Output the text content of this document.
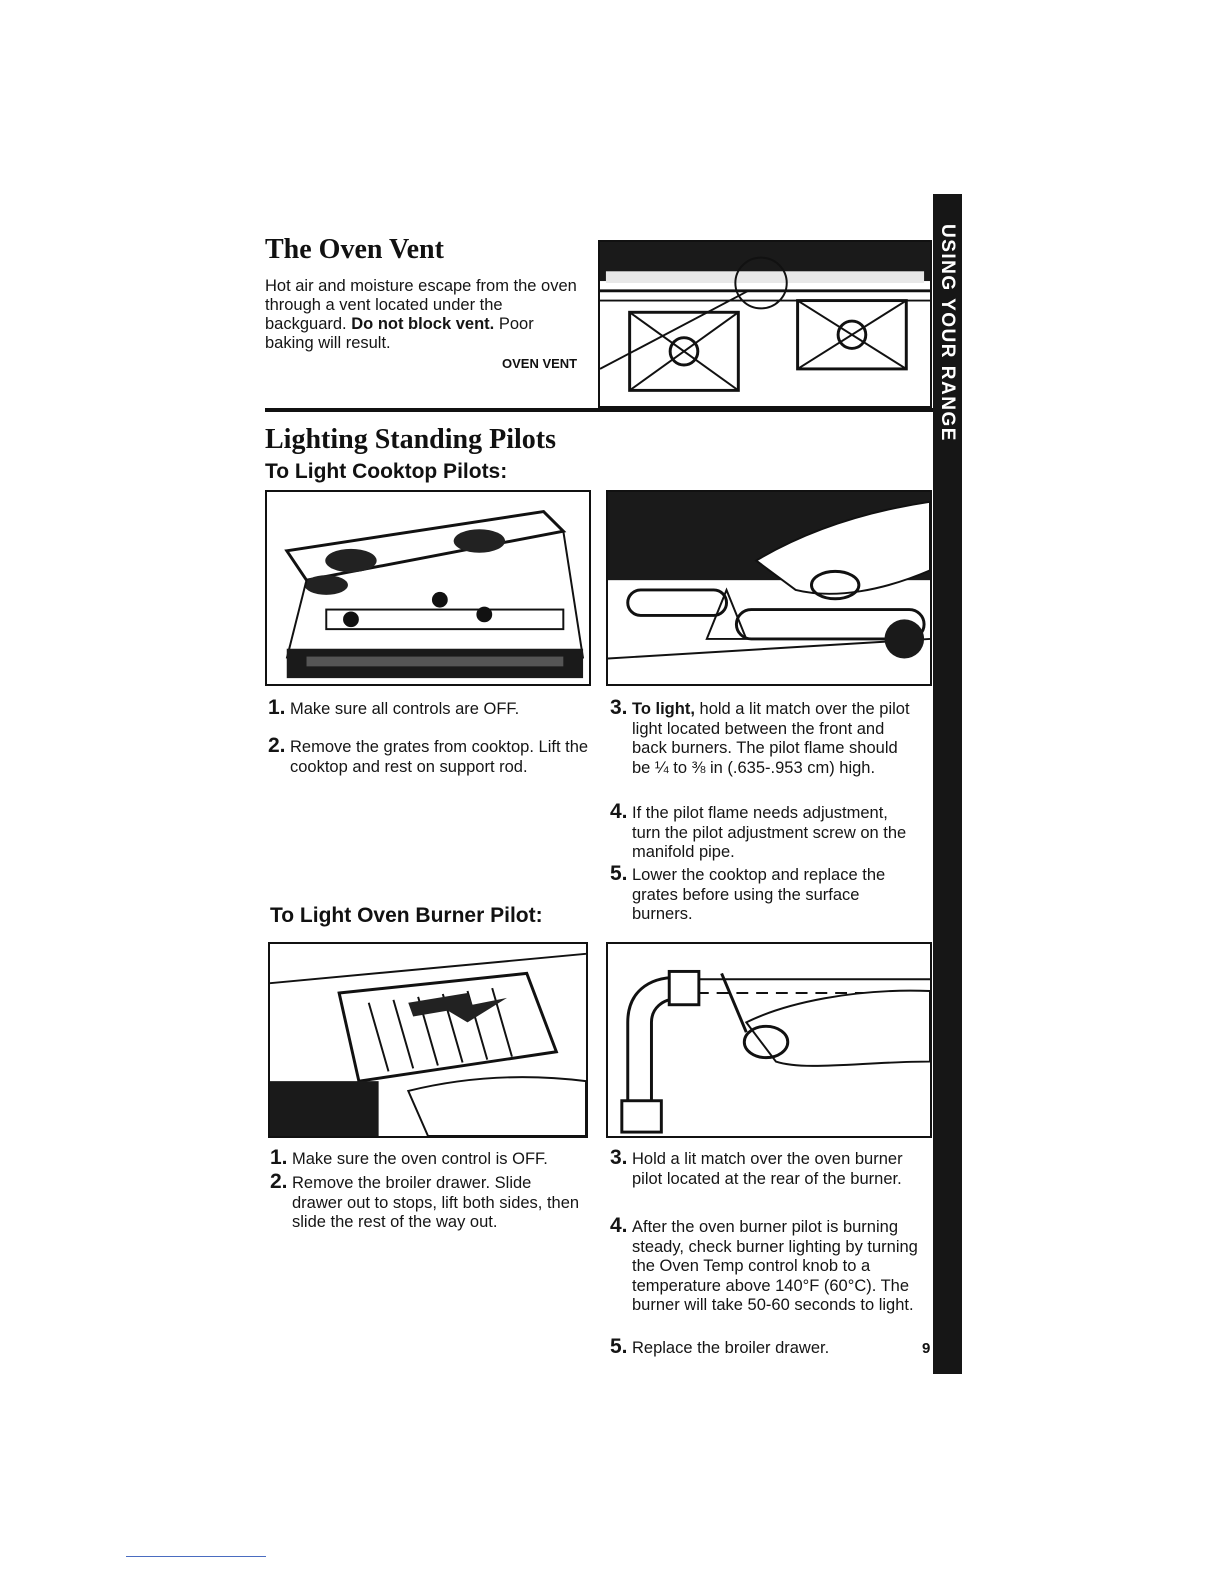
USING YOUR RANGE
The Oven Vent
Hot air and moisture escape from the oven through a vent located under the backguard. Do not block vent. Poor baking will result.
OVEN VENT
Lighting Standing Pilots
To Light Cooktop Pilots:
1. Make sure all controls are OFF.
2. Remove the grates from cooktop. Lift the cooktop and rest on support rod.
3. To light, hold a lit match over the pilot light located between the front and back burners. The pilot flame should be ¼ to ⅜ in (.635-.953 cm) high.
4. If the pilot flame needs adjustment, turn the pilot adjustment screw on the manifold pipe.
5. Lower the cooktop and replace the grates before using the surface burners.
To Light Oven Burner Pilot:
1. Make sure the oven control is OFF.
2. Remove the broiler drawer. Slide drawer out to stops, lift both sides, then slide the rest of the way out.
3. Hold a lit match over the oven burner pilot located at the rear of the burner.
4. After the oven burner pilot is burning steady, check burner lighting by turning the Oven Temp control knob to a temperature above 140°F (60°C). The burner will take 50-60 seconds to light.
5. Replace the broiler drawer.	9
